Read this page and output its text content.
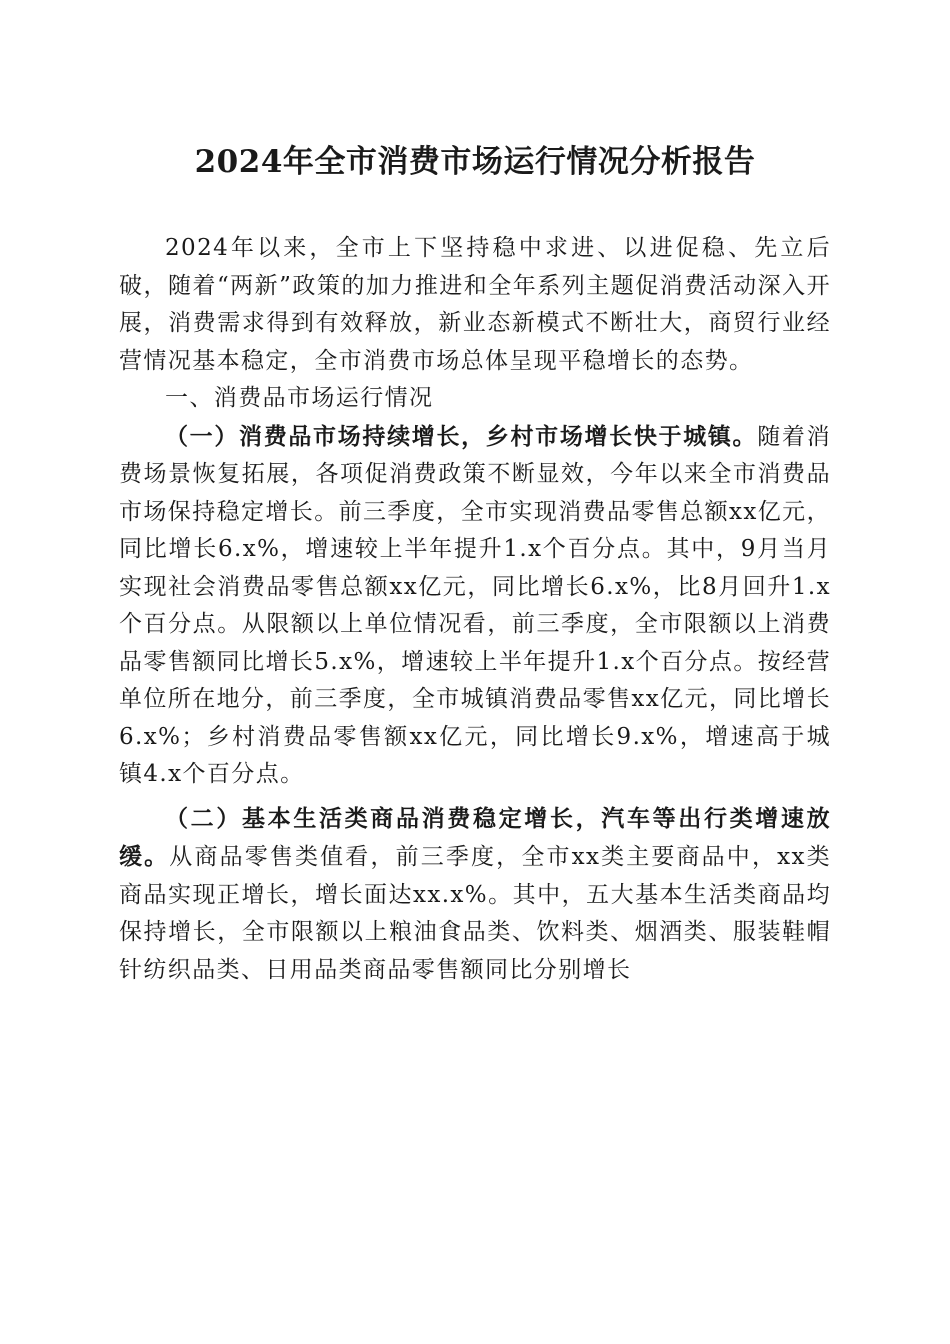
2024年全市消费市场运行情况分析报告

2024年以来，全市上下坚持稳中求进、以进促稳、先立后破，随着“两新”政策的加力推进和全年系列主题促消费活动深入开展，消费需求得到有效释放，新业态新模式不断壮大，商贸行业经营情况基本稳定，全市消费市场总体呈现平稳增长的态势。

一、消费品市场运行情况

（一）消费品市场持续增长，乡村市场增长快于城镇。随着消费场景恢复拓展，各项促消费政策不断显效，今年以来全市消费品市场保持稳定增长。前三季度，全市实现消费品零售总额xx亿元，同比增长6.x%，增速较上半年提升1.x个百分点。其中，9月当月实现社会消费品零售总额xx亿元，同比增长6.x%，比8月回升1.x个百分点。从限额以上单位情况看，前三季度，全市限额以上消费品零售额同比增长5.x%，增速较上半年提升1.x个百分点。按经营单位所在地分，前三季度，全市城镇消费品零售xx亿元，同比增长6.x%；乡村消费品零售额xx亿元，同比增长9.x%，增速高于城镇4.x个百分点。

（二）基本生活类商品消费稳定增长，汽车等出行类增速放缓。从商品零售类值看，前三季度，全市xx类主要商品中，xx类商品实现正增长，增长面达xx.x%。其中，五大基本生活类商品均保持增长，全市限额以上粮油食品类、饮料类、烟酒类、服装鞋帽针纺织品类、日用品类商品零售额同比分别增长
